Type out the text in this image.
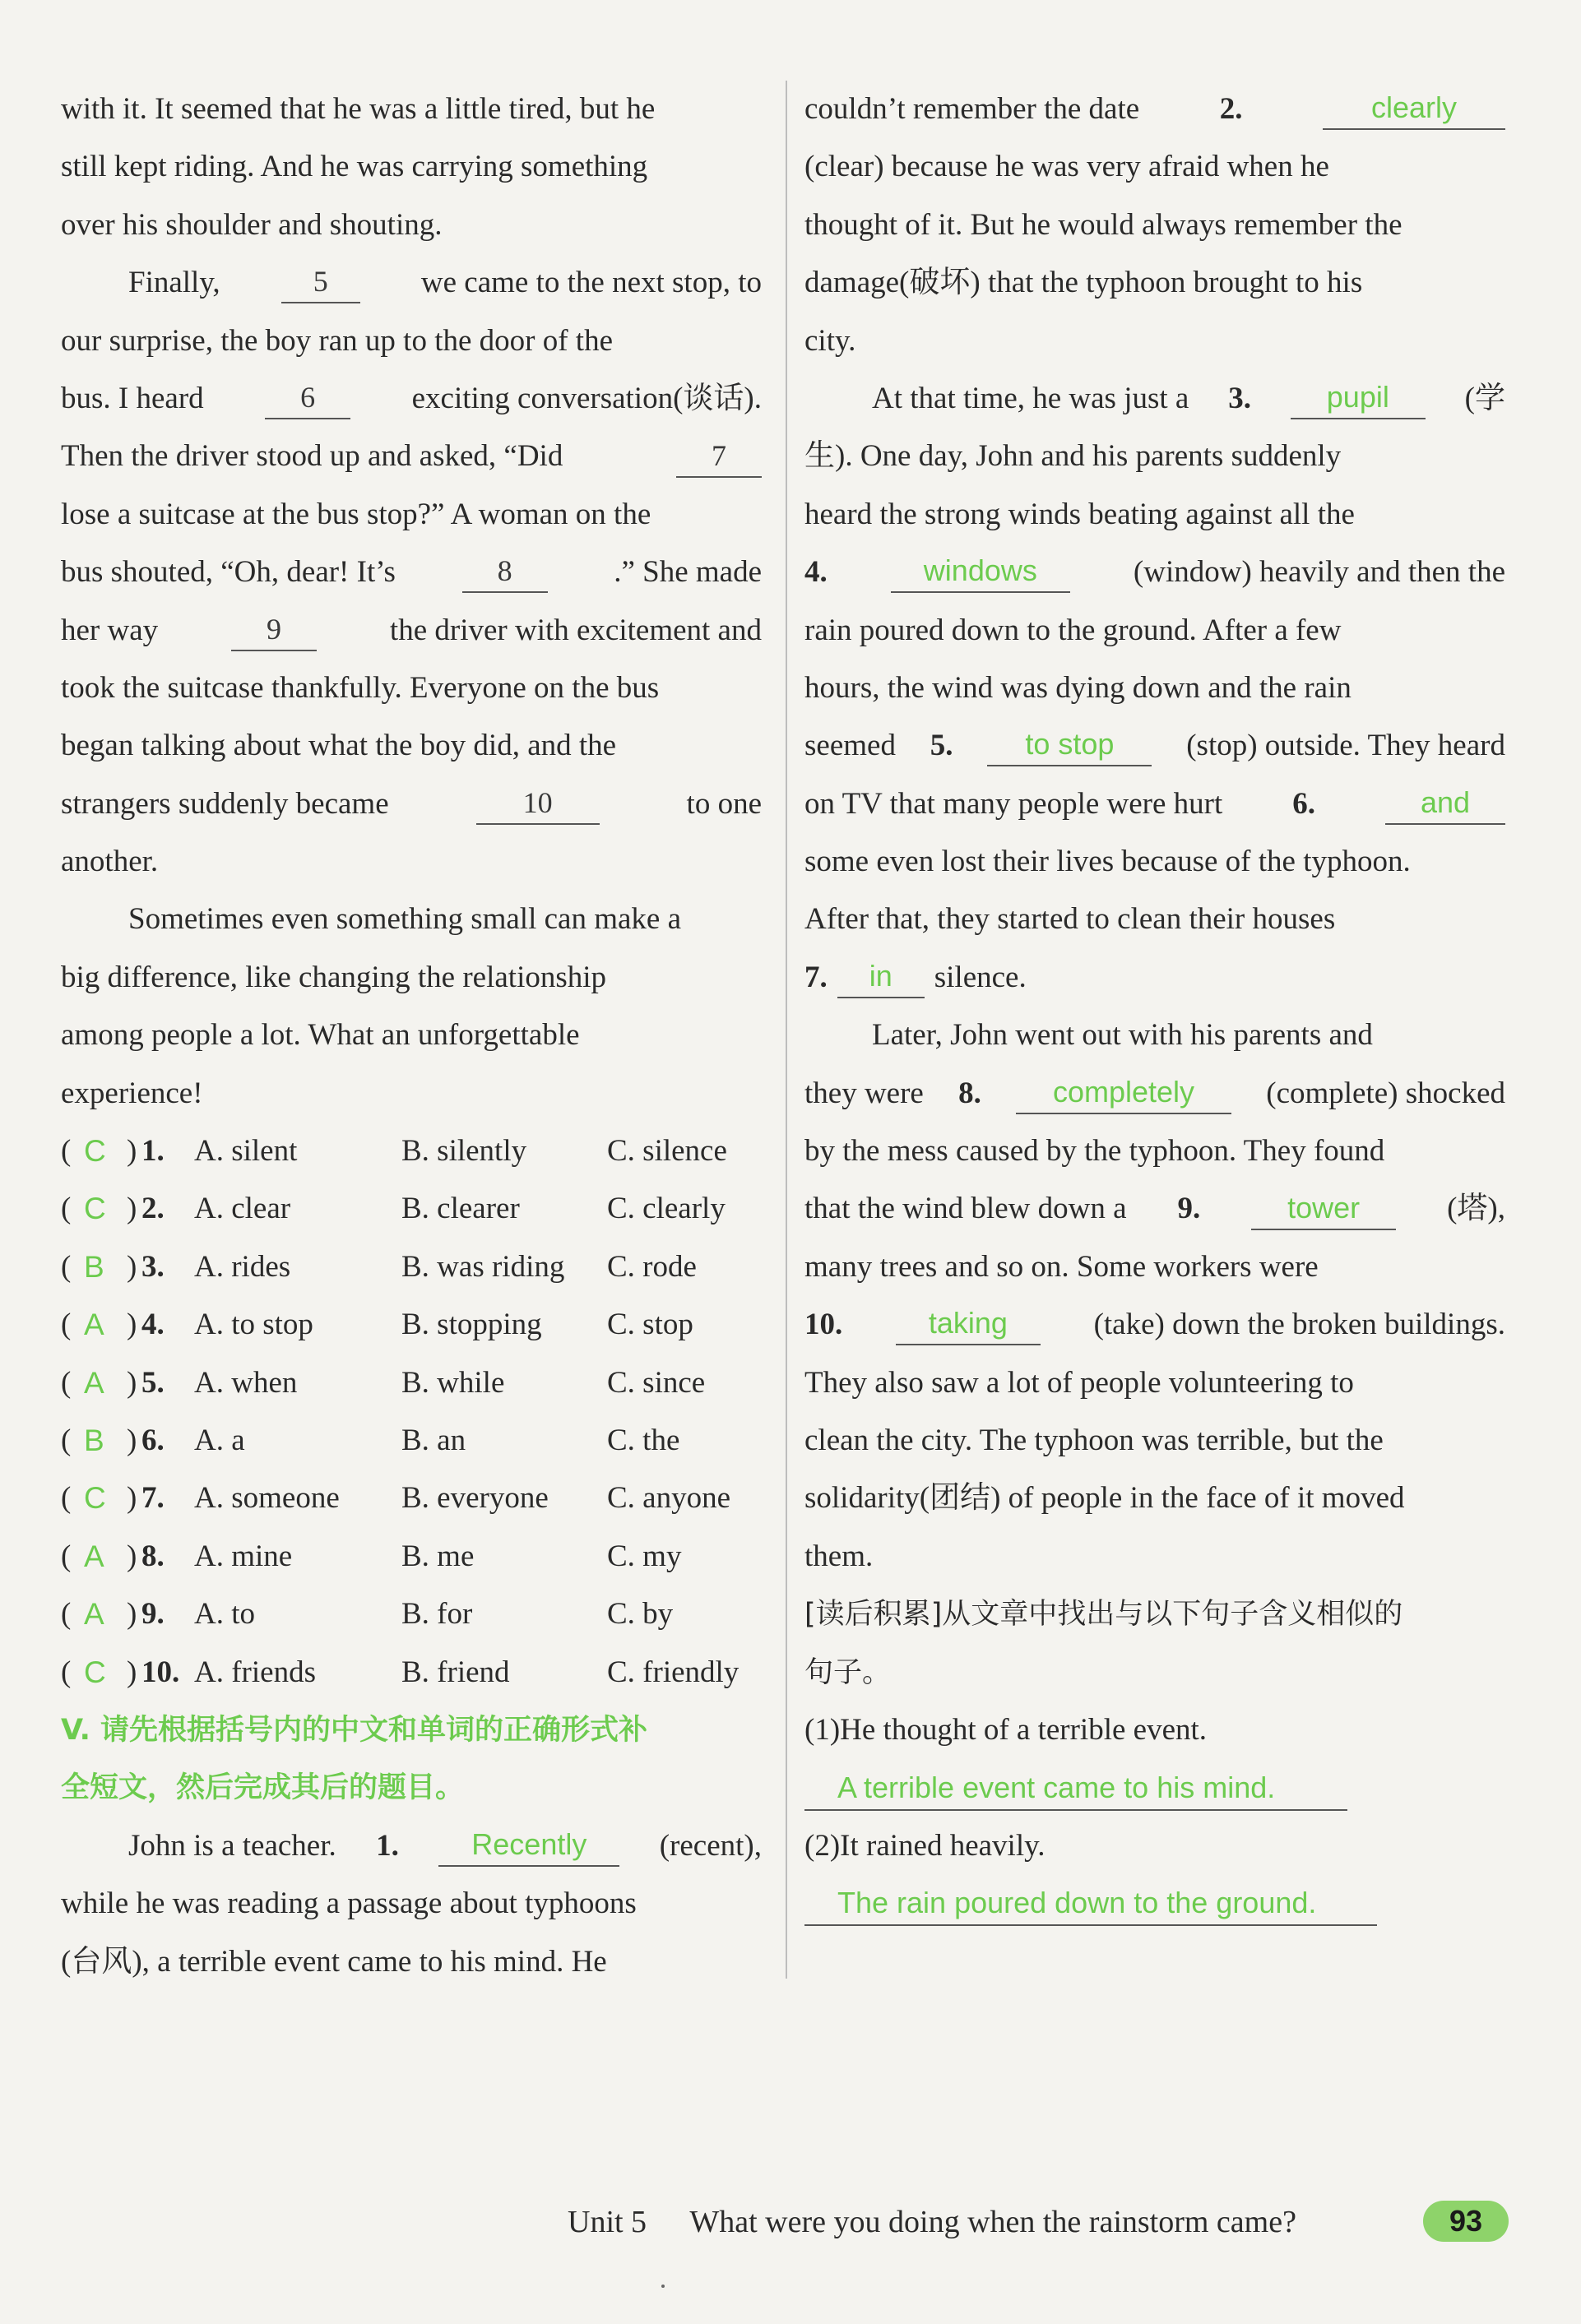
with it. It seemed that he was a little tired, but he
still kept riding. And he was carrying something
over his shoulder and shouting.
Finally,	5	we came to the next stop, to
our surprise, the boy ran up to the door of the
bus. I heard	6	exciting conversation(谈话).
Then the driver stood up and asked, “Did	7
lose a suitcase at the bus stop?” A woman on the
bus shouted, “Oh, dear! It’s	8	.” She made
her way	9	the driver with excitement and
took the suitcase thankfully. Everyone on the bus
began talking about what the boy did, and the
strangers suddenly became	10	to one
another.
Sometimes even something small can make a
big difference, like changing the relationship
among people a lot. What an unforgettable
experience!
( C ) 1. A. silent	B. silently	C. silence
( C ) 2. A. clear	B. clearer	C. clearly
( B ) 3. A. rides	B. was riding C. rode
( A ) 4. A. to stop	B. stopping C. stop
( A ) 5. A. when	B. while	C. since
( B ) 6. A. a	B. an	C. the
( C ) 7. A. someone B. everyone C. anyone
( A ) 8. A. mine	B. me	C. my
( A ) 9. A. to	B. for	C. by
( C ) 10. A. friends	B. friend	C. friendly
V. 请先根据括号内的中文和单词的正确形式补
全短文，然后完成其后的题目。
John is a teacher. 1.	Recently	(recent),
while he was reading a passage about typhoons
(台风), a terrible event came to his mind. He
couldn’t remember the date	2.	clearly
(clear) because he was very afraid when he
thought of it. But he would always remember the
damage(破坏) that the typhoon brought to his
city.
At that time, he was just a 3.	pupil	(学
生). One day, John and his parents suddenly
heard the strong winds beating against all the
4.	windows	(window) heavily and then the
rain poured down to the ground. After a few
hours, the wind was dying down and the rain
seemed 5.	to stop	(stop) outside. They heard
on TV that many people were hurt 6.	and
some even lost their lives because of the typhoon.
After that, they started to clean their houses
7.	in	silence.
Later, John went out with his parents and
they were 8.	completely	(complete) shocked
by the mess caused by the typhoon. They found
that the wind blew down a 9.	tower	(塔),
many trees and so on. Some workers were
10.	taking	(take) down the broken buildings.
They also saw a lot of people volunteering to
clean the city. The typhoon was terrible, but the
solidarity(团结) of people in the face of it moved
them.
[读后积累]从文章中找出与以下句子含义相似的
句子。
(1)He thought of a terrible event.
A terrible event came to his mind.
(2)It rained heavily.
The rain poured down to the ground.
Unit 5 What were you doing when the rainstorm came?	93
